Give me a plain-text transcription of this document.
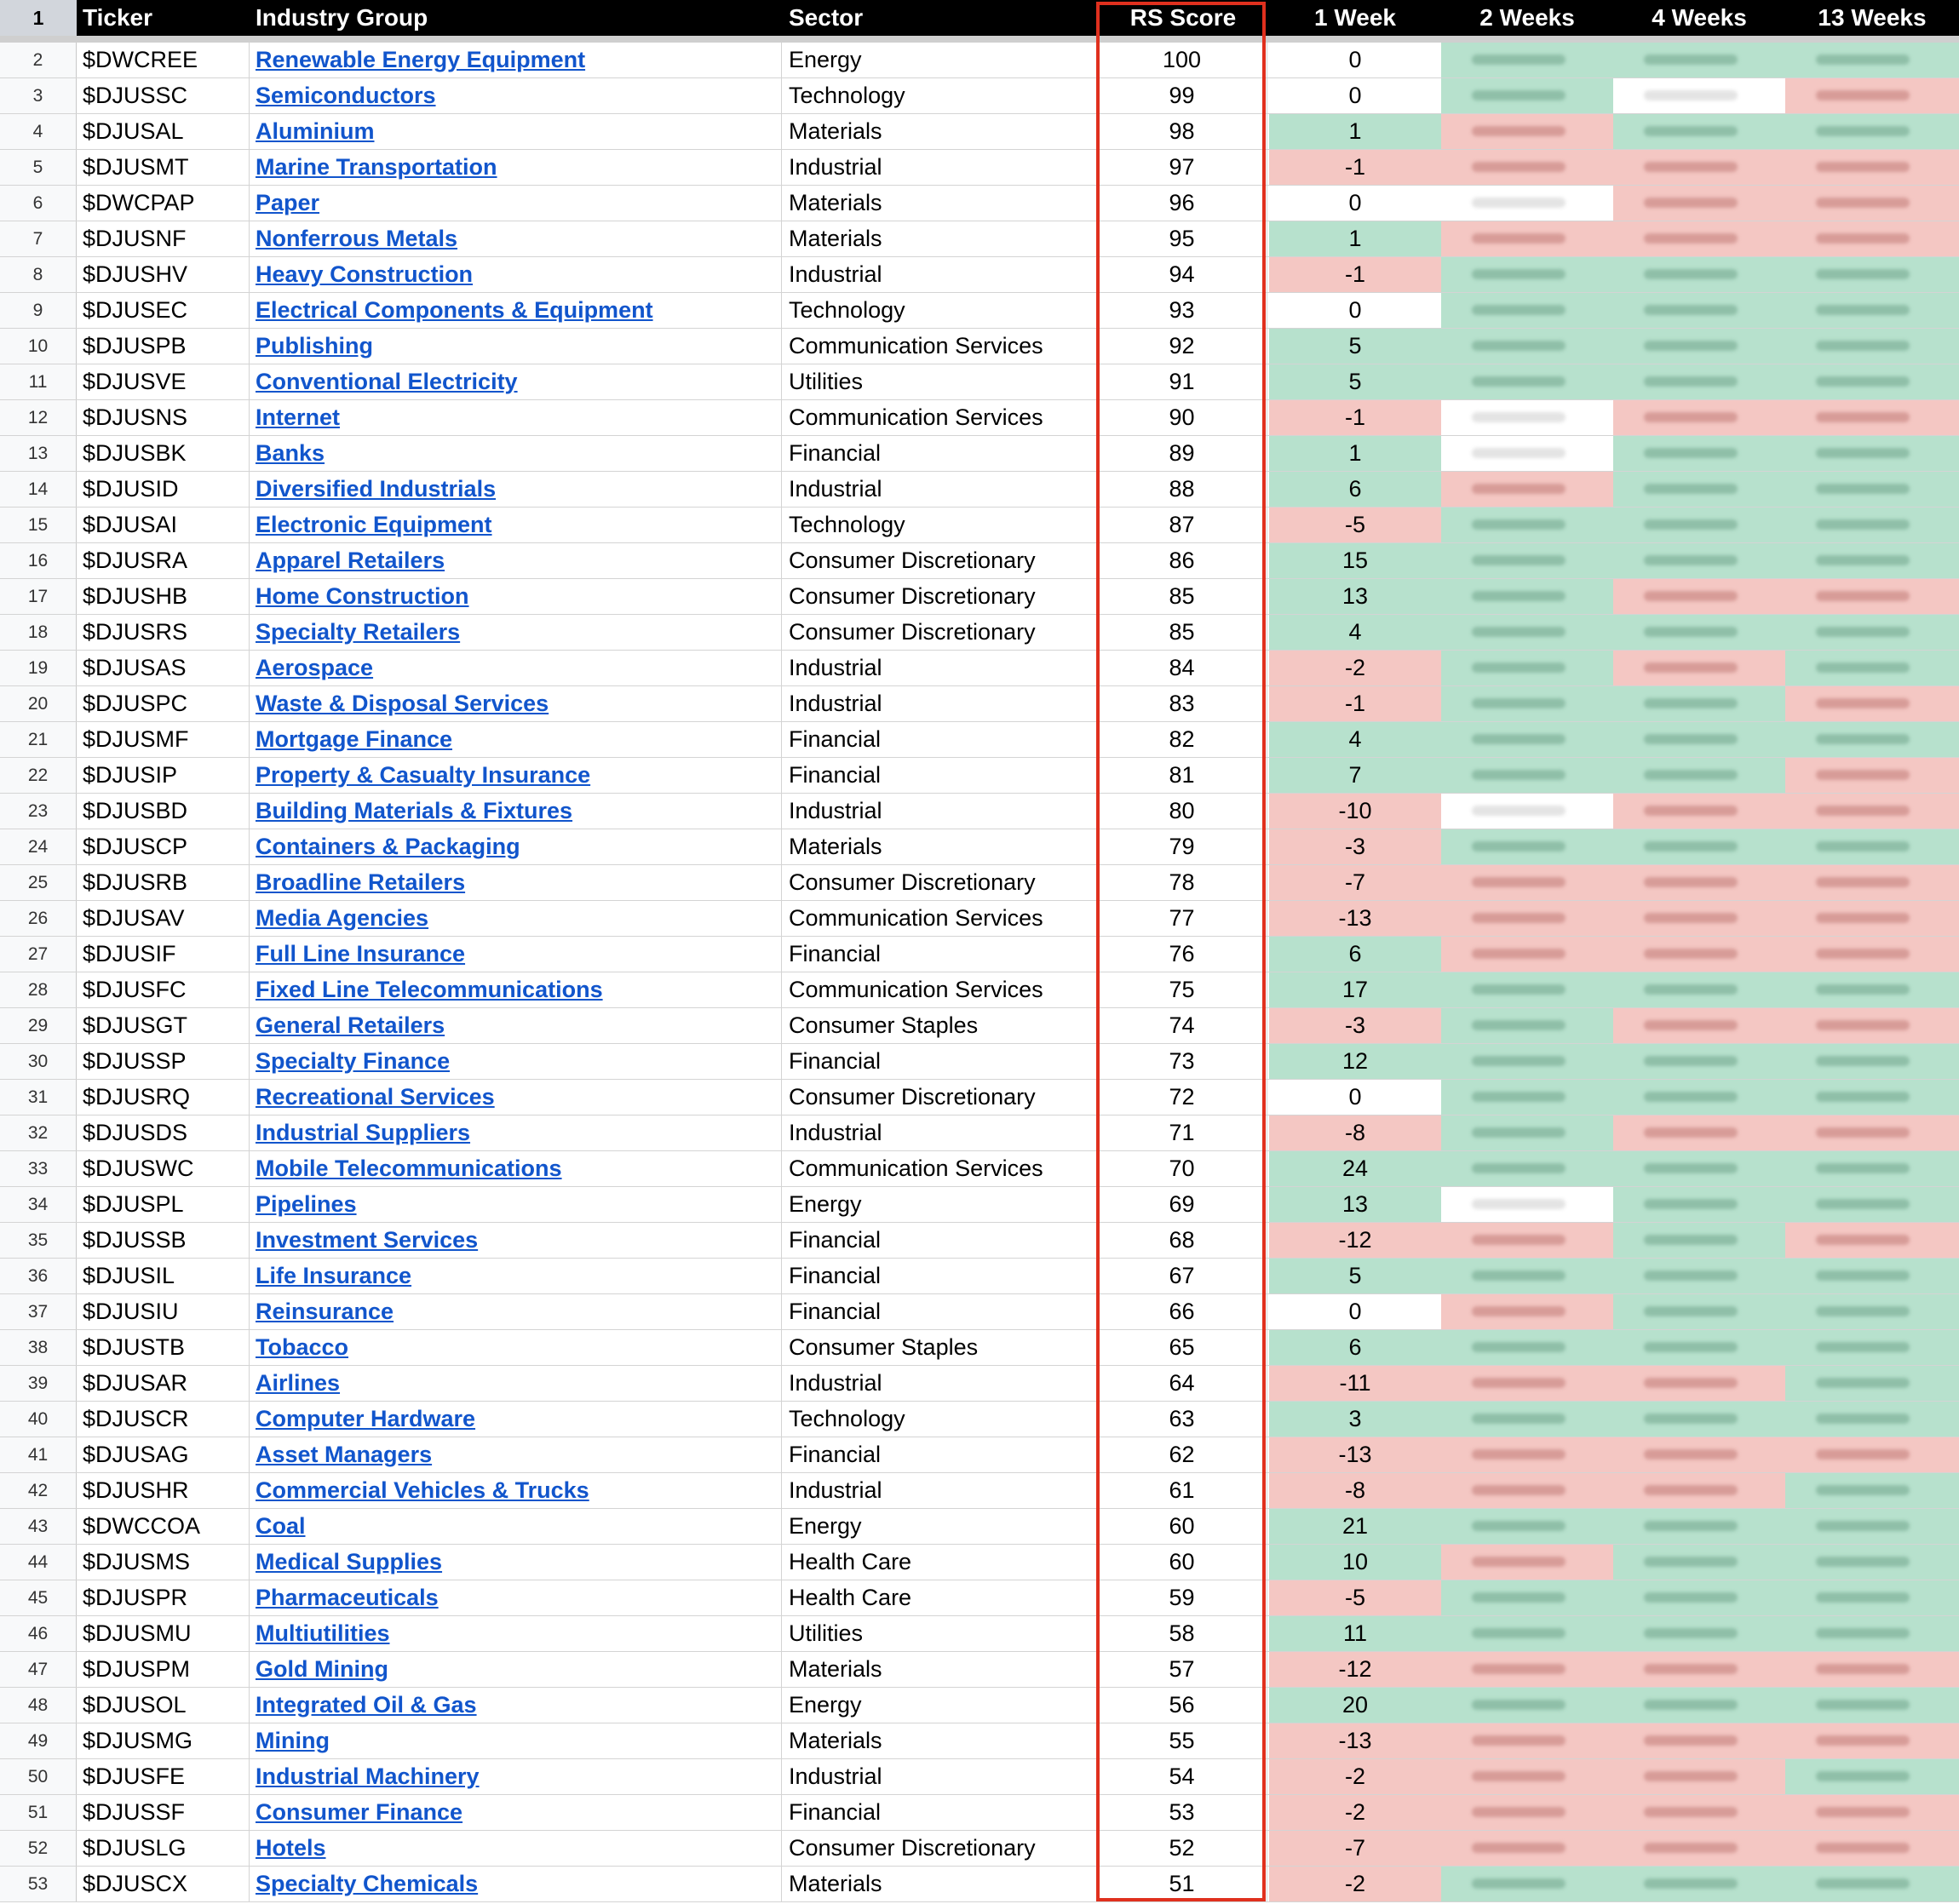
1	Ticker	Industry Group	Sector	RS Score	1 Week	2 Weeks	4 Weeks	13 Weeks
2	$DWCREE	Renewable Energy Equipment	Energy	100	0
3	$DJUSSC	Semiconductors	Technology	99	0
4	$DJUSAL	Aluminium	Materials	98	1
5	$DJUSMT	Marine Transportation	Industrial	97	-1
6	$DWCPAP	Paper	Materials	96	0
7	$DJUSNF	Nonferrous Metals	Materials	95	1
8	$DJUSHV	Heavy Construction	Industrial	94	-1
9	$DJUSEC	Electrical Components & Equipment	Technology	93	0
10	$DJUSPB	Publishing	Communication Services	92	5
11	$DJUSVE	Conventional Electricity	Utilities	91	5
12	$DJUSNS	Internet	Communication Services	90	-1
13	$DJUSBK	Banks	Financial	89	1
14	$DJUSID	Diversified Industrials	Industrial	88	6
15	$DJUSAI	Electronic Equipment	Technology	87	-5
16	$DJUSRA	Apparel Retailers	Consumer Discretionary	86	15
17	$DJUSHB	Home Construction	Consumer Discretionary	85	13
18	$DJUSRS	Specialty Retailers	Consumer Discretionary	85	4
19	$DJUSAS	Aerospace	Industrial	84	-2
20	$DJUSPC	Waste & Disposal Services	Industrial	83	-1
21	$DJUSMF	Mortgage Finance	Financial	82	4
22	$DJUSIP	Property & Casualty Insurance	Financial	81	7
23	$DJUSBD	Building Materials & Fixtures	Industrial	80	-10
24	$DJUSCP	Containers & Packaging	Materials	79	-3
25	$DJUSRB	Broadline Retailers	Consumer Discretionary	78	-7
26	$DJUSAV	Media Agencies	Communication Services	77	-13
27	$DJUSIF	Full Line Insurance	Financial	76	6
28	$DJUSFC	Fixed Line Telecommunications	Communication Services	75	17
29	$DJUSGT	General Retailers	Consumer Staples	74	-3
30	$DJUSSP	Specialty Finance	Financial	73	12
31	$DJUSRQ	Recreational Services	Consumer Discretionary	72	0
32	$DJUSDS	Industrial Suppliers	Industrial	71	-8
33	$DJUSWC	Mobile Telecommunications	Communication Services	70	24
34	$DJUSPL	Pipelines	Energy	69	13
35	$DJUSSB	Investment Services	Financial	68	-12
36	$DJUSIL	Life Insurance	Financial	67	5
37	$DJUSIU	Reinsurance	Financial	66	0
38	$DJUSTB	Tobacco	Consumer Staples	65	6
39	$DJUSAR	Airlines	Industrial	64	-11
40	$DJUSCR	Computer Hardware	Technology	63	3
41	$DJUSAG	Asset Managers	Financial	62	-13
42	$DJUSHR	Commercial Vehicles & Trucks	Industrial	61	-8
43	$DWCCOA	Coal	Energy	60	21
44	$DJUSMS	Medical Supplies	Health Care	60	10
45	$DJUSPR	Pharmaceuticals	Health Care	59	-5
46	$DJUSMU	Multiutilities	Utilities	58	11
47	$DJUSPM	Gold Mining	Materials	57	-12
48	$DJUSOL	Integrated Oil & Gas	Energy	56	20
49	$DJUSMG	Mining	Materials	55	-13
50	$DJUSFE	Industrial Machinery	Industrial	54	-2
51	$DJUSSF	Consumer Finance	Financial	53	-2
52	$DJUSLG	Hotels	Consumer Discretionary	52	-7
53	$DJUSCX	Specialty Chemicals	Materials	51	-2
